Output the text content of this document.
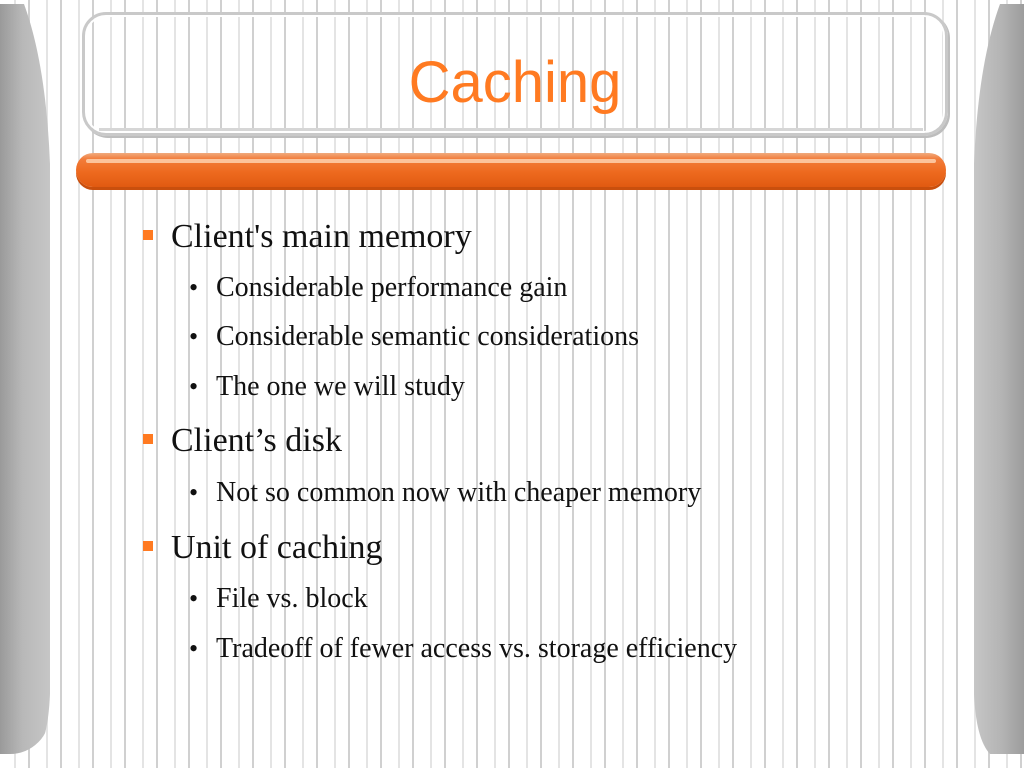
Caching
Client's main memory
• Considerable performance gain
• Considerable semantic considerations
• The one we will study
Client’s disk
• Not so common now with cheaper memory
Unit of caching
• File vs. block
• Tradeoff of fewer access vs. storage efficiency
